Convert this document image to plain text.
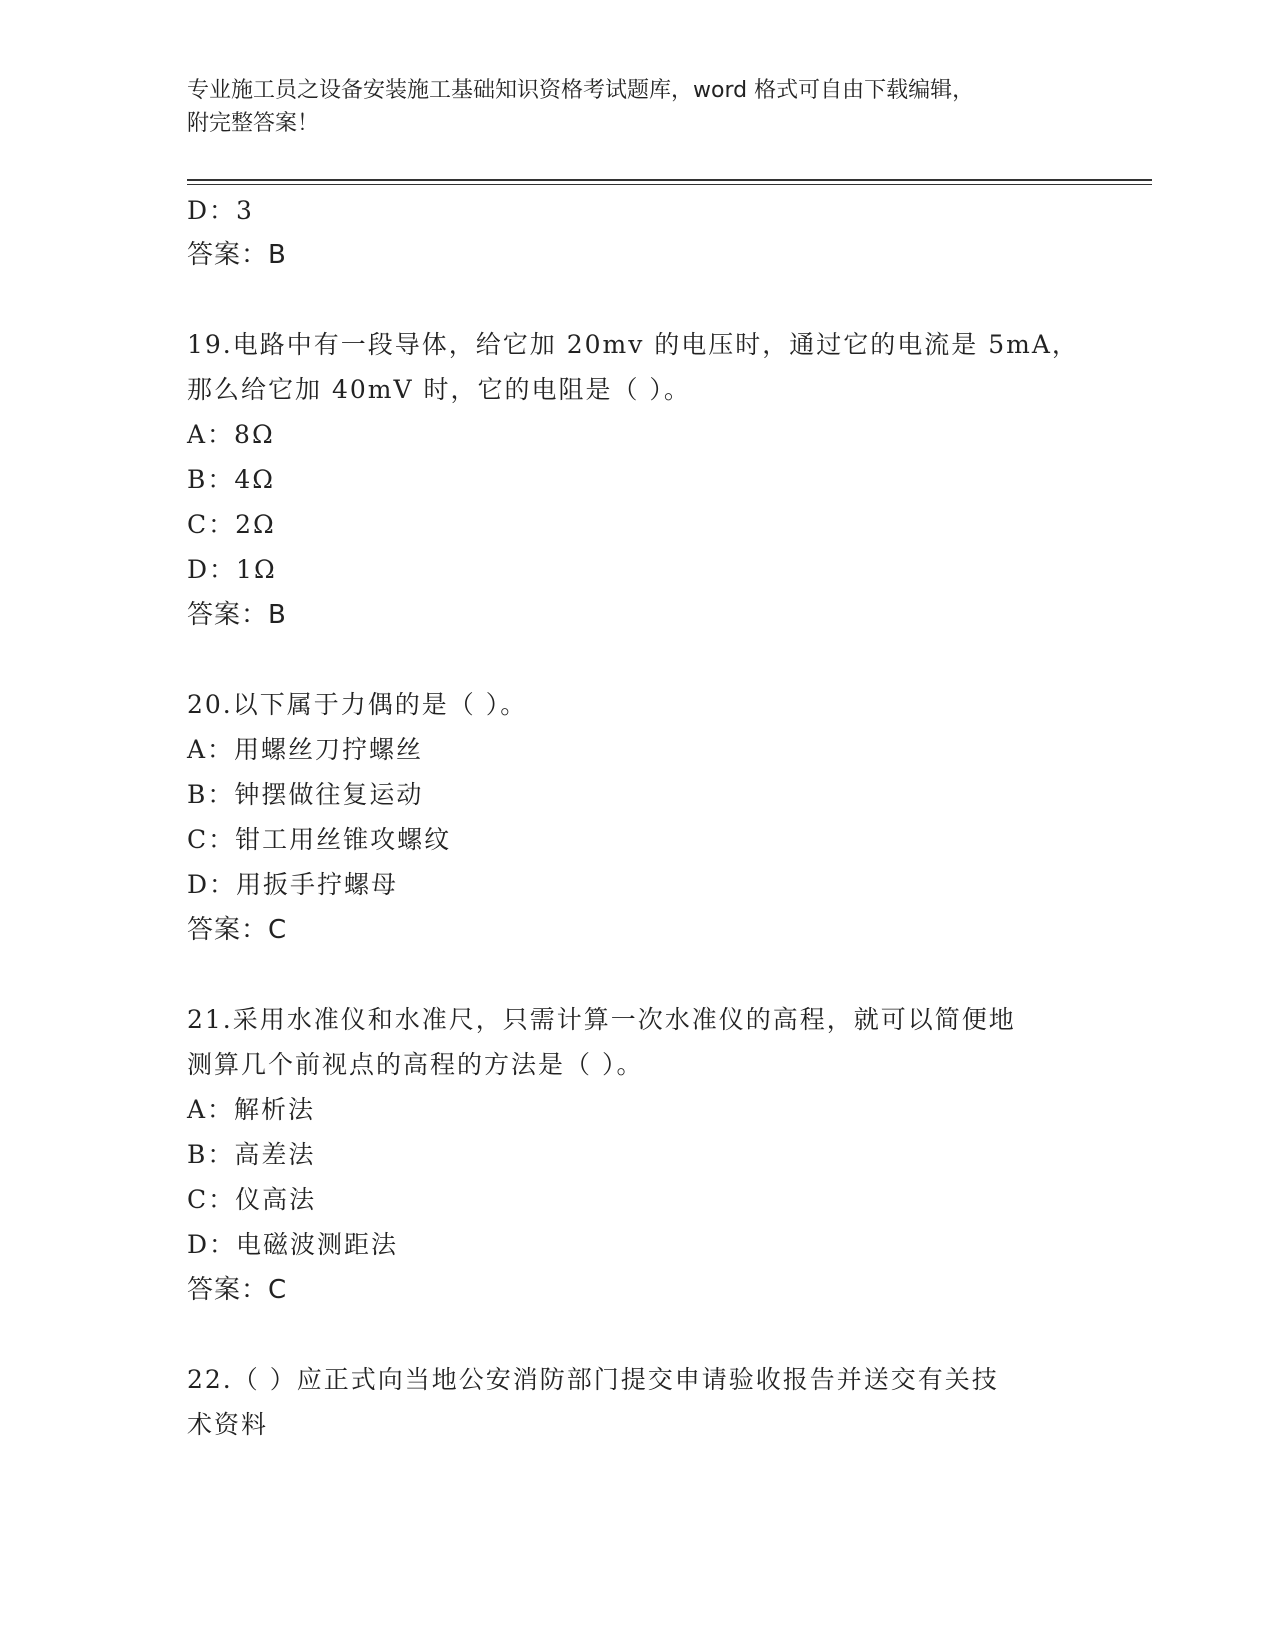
专业施工员之设备安装施工基础知识资格考试题库，word 格式可自由下载编辑，
附完整答案！
D：3
答案：B
19.电路中有一段导体，给它加 20mv 的电压时，通过它的电流是 5mA，
那么给它加 40mV 时，它的电阻是（ ）。
A：8Ω
B：4Ω
C：2Ω
D：1Ω
答案：B
20.以下属于力偶的是（ ）。
A：用螺丝刀拧螺丝
B：钟摆做往复运动
C：钳工用丝锥攻螺纹
D：用扳手拧螺母
答案：C
21.采用水准仪和水准尺，只需计算一次水准仪的高程，就可以简便地
测算几个前视点的高程的方法是（ ）。
A：解析法
B：高差法
C：仪高法
D：电磁波测距法
答案：C
22.（ ）应正式向当地公安消防部门提交申请验收报告并送交有关技
术资料
